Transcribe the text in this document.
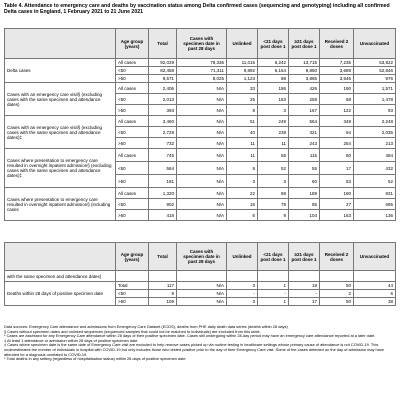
Table 4. Attendance to emergency care and deaths by vaccination status among Delta confirmed cases (sequencing and genotyping) including all confirmed Delta cases in England, 1 February 2021 to 21 June 2021
	Age group (years)	Total	Cases with specimen date in past 28 days	Unlinked	<21 days post dose 1	≥21 days post dose 1	Received 2 doses	Unvaccinated
Delta cases	All cases	92,029	79,336	11,015	6,242	13,715	7,235	53,822
	<50	82,458	71,311	9,892	6,154	9,850	3,689	52,846
	>50	9,571	8,025	1,123	88	3,865	3,546	976
Cases with an emergency care visit§ (excluding cases with the same specimen and attendance dates)	All cases	2,406	N/A	33	186	426	190	1,571
	<50	2,013	N/A	25	183	259	68	1,478
	>50	393	N/A	8	3	167	122	93
Cases with an emergency care visit§ (excluding cases with the same specimen and attendance dates)‡	All cases	3,460	N/A	51	249	564	348	2,248
	<50	2,728	N/A	40	238	321	94	2,035
	>50	732	N/A	11	11	243	254	213
Cases where presentation to emergency care resulted in overnight inpatient admission§ (excluding cases with the same specimen and attendance dates)‡	All cases	745	N/A	11	55	115	80	484
	<50	564	N/A	8	52	55	17	432
	>50	181	N/A	3	3	60	63	52
Cases where presentation to emergency care resulted in overnight inpatient admission§ (including cases	All cases	1,320	N/A	22	88	189	190	831
	<50	902	N/A	16	79	85	27	695
	>50	418	N/A	6	9	104	163	136
	Age group (years)	Total	Cases with specimen date in past 28 days	Unlinked	<21 days post dose 1	≥21 days post dose 1	Received 2 doses	Unvaccinated
with the same specimen and attendance dates)								
Deaths within 28 days of positive specimen date	Total	117	N/A	3	1	19	50	44
	<50	8	N/A	-	-	-	2	6
	>50	109	N/A	3	1	17	50	38
Data sources: Emergency Care attendance and admissions from Emergency Care Dataset (ECDS), deaths from PHE daily death data series (deaths within 28 days)
§ Cases without specimen dates and unlinked sequences (sequenced samples that could not be matched to individuals) are excluded from this table.
* Cases are assessed for any Emergency Care attendance within 28 days of their positive specimen date. Cases still undergoing within 28-day period may have an emergency care attendance reported at a later date.
‡ At least 1 attendance or admission within 28 days of positive specimen date
‡ Cases where specimen date is the same date of Emergency Care visit are excluded to help remove cases picked up via routine testing in healthcare settings whose primary cause of attendance is not COVID-19. This underestimates the number of individuals in hospital with COVID-19 but only includes those who tested positive prior to the day of their Emergency Care visit. Some of the cases detected on the day of admission may have attended for a diagnosis unrelated to COVID-19.
* Total deaths in any setting (regardless of hospitalisation status) within 28 days of positive specimen date
